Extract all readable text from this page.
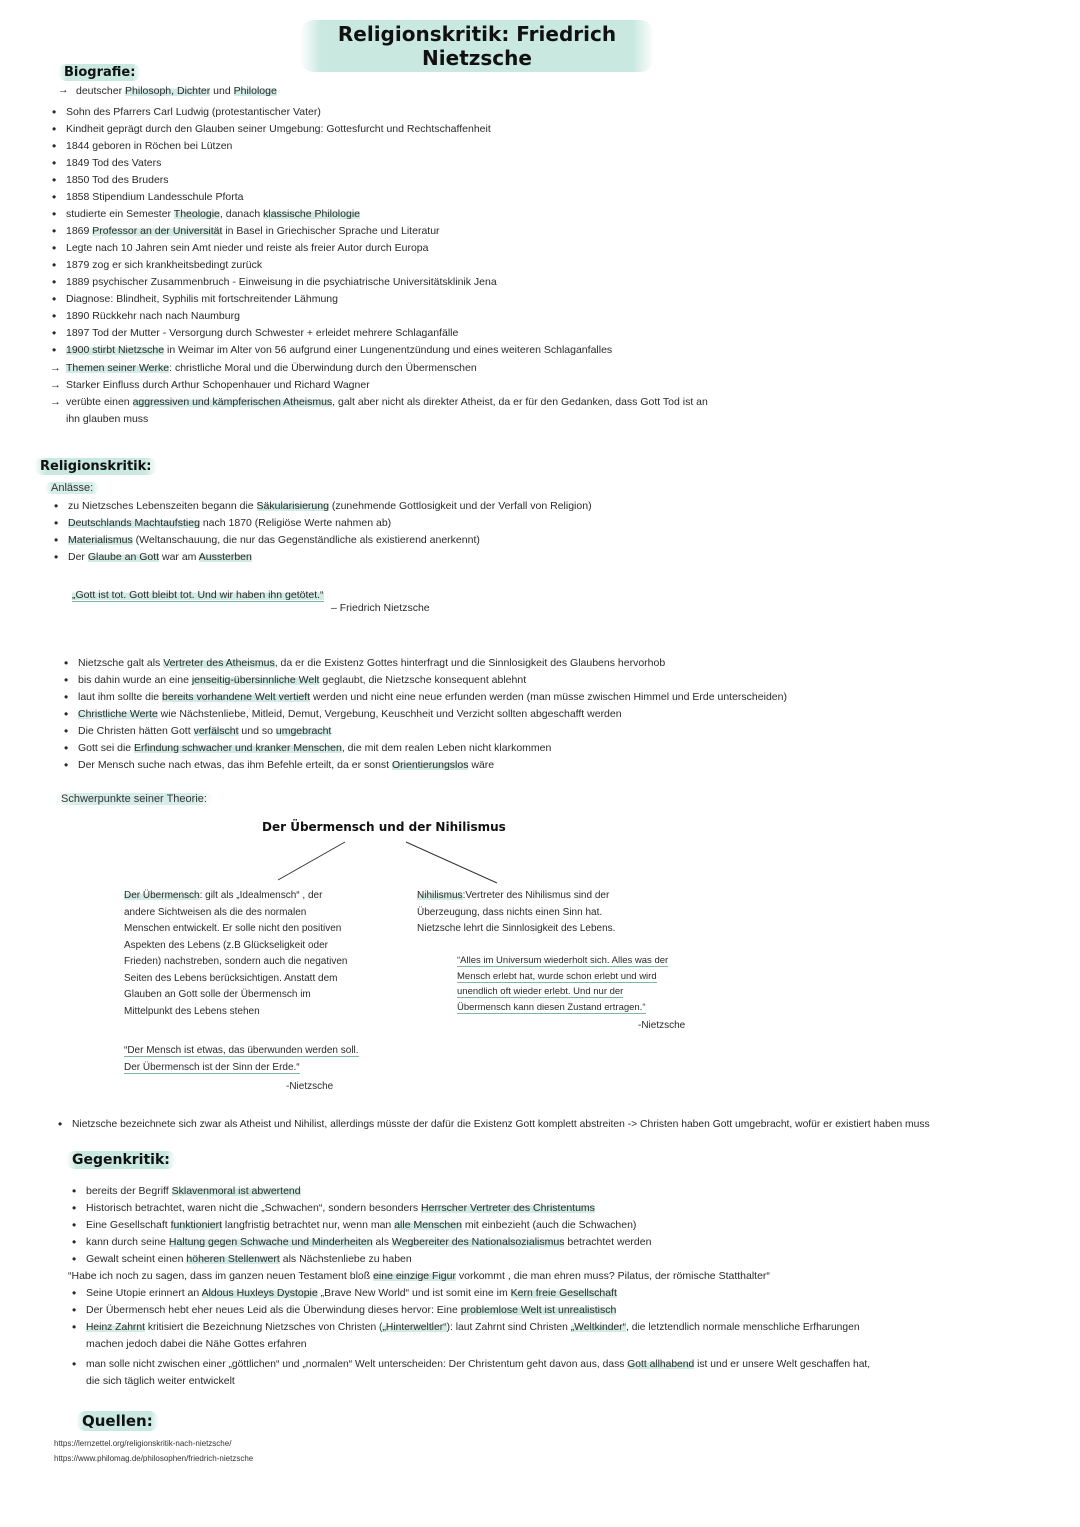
Religionskritik: Friedrich Nietzsche
Biografie:
→ deutscher Philosoph, Dichter und Philologe
• Sohn des Pfarrers Carl Ludwig (protestantischer Vater)
• Kindheit geprägt durch den Glauben seiner Umgebung: Gottesfurcht und Rechtschaffenheit
• 1844 geboren in Röchen bei Lützen
• 1849 Tod des Vaters
• 1850 Tod des Bruders
• 1858 Stipendium Landesschule Pforta
• studierte ein Semester Theologie, danach klassische Philologie
• 1869 Professor an der Universität in Basel in Griechischer Sprache und Literatur
• Legte nach 10 Jahren sein Amt nieder und reiste als freier Autor durch Europa
• 1879 zog er sich krankheitsbedingt zurück
• 1889 psychischer Zusammenbruch - Einweisung in die psychiatrische Universitätsklinik Jena
• Diagnose: Blindheit, Syphilis mit fortschreitender Lähmung
• 1890 Rückkehr nach nach Naumburg
• 1897 Tod der Mutter - Versorgung durch Schwester + erleidet mehrere Schlaganfälle
• 1900 stirbt Nietzsche in Weimar im Alter von 56 aufgrund einer Lungenentzündung und eines weiteren Schlaganfalles
→ Themen seiner Werke: christliche Moral und die Überwindung durch den Übermenschen
→ Starker Einfluss durch Arthur Schopenhauer und Richard Wagner
→ verübte einen aggressiven und kämpferischen Atheismus, galt aber nicht als direkter Atheist, da er für den Gedanken, dass Gott Tod ist an
ihn glauben muss
Religionskritik:
Anlässe:
• zu Nietzsches Lebenszeiten begann die Säkularisierung (zunehmende Gottlosigkeit und der Verfall von Religion)
• Deutschlands Machtaufstieg nach 1870 (Religiöse Werte nahmen ab)
• Materialismus (Weltanschauung, die nur das Gegenständliche als existierend anerkennt)
• Der Glaube an Gott war am Aussterben
„Gott ist tot. Gott bleibt tot. Und wir haben ihn getötet.“
– Friedrich Nietzsche
• Nietzsche galt als Vertreter des Atheismus, da er die Existenz Gottes hinterfragt und die Sinnlosigkeit des Glaubens hervorhob
• bis dahin wurde an eine jenseitig-übersinnliche Welt geglaubt, die Nietzsche konsequent ablehnt
• laut ihm sollte die bereits vorhandene Welt vertieft werden und nicht eine neue erfunden werden (man müsse zwischen Himmel und Erde unterscheiden)
• Christliche Werte wie Nächstenliebe, Mitleid, Demut, Vergebung, Keuschheit und Verzicht sollten abgeschafft werden
• Die Christen hätten Gott verfälscht und so umgebracht
• Gott sei die Erfindung schwacher und kranker Menschen, die mit dem realen Leben nicht klarkommen
• Der Mensch suche nach etwas, das ihm Befehle erteilt, da er sonst Orientierungslos wäre
Schwerpunkte seiner Theorie:
Der Übermensch und der Nihilismus
Der Übermensch: gilt als „Idealmensch“ , der
andere Sichtweisen als die des normalen
Menschen entwickelt. Er solle nicht den positiven
Aspekten des Lebens (z.B Glückseligkeit oder
Frieden) nachstreben, sondern auch die negativen
Seiten des Lebens berücksichtigen. Anstatt dem
Glauben an Gott solle der Übermensch im
Mittelpunkt des Lebens stehen
“Der Mensch ist etwas, das überwunden werden soll.
Der Übermensch ist der Sinn der Erde.“
-Nietzsche
Nihilismus:Vertreter des Nihilismus sind der
Überzeugung, dass nichts einen Sinn hat.
Nietzsche lehrt die Sinnlosigkeit des Lebens.
“Alles im Universum wiederholt sich. Alles was der
Mensch erlebt hat, wurde schon erlebt und wird
unendlich oft wieder erlebt. Und nur der
Übermensch kann diesen Zustand ertragen.“
-Nietzsche
• Nietzsche bezeichnete sich zwar als Atheist und Nihilist, allerdings müsste der dafür die Existenz Gott komplett abstreiten -> Christen haben Gott umgebracht, wofür er existiert haben muss
Gegenkritik:
• bereits der Begriff Sklavenmoral ist abwertend
• Historisch betrachtet, waren nicht die „Schwachen“, sondern besonders Herrscher Vertreter des Christentums
• Eine Gesellschaft funktioniert langfristig betrachtet nur, wenn man alle Menschen mit einbezieht (auch die Schwachen)
• kann durch seine Haltung gegen Schwache und Minderheiten als Wegbereiter des Nationalsozialismus betrachtet werden
• Gewalt scheint einen höheren Stellenwert als Nächstenliebe zu haben
“Habe ich noch zu sagen, dass im ganzen neuen Testament bloß eine einzige Figur vorkommt , die man ehren muss? Pilatus, der römische Statthalter“
• Seine Utopie erinnert an Aldous Huxleys Dystopie „Brave New World“ und ist somit eine im Kern freie Gesellschaft
• Der Übermensch hebt eher neues Leid als die Überwindung dieses hervor: Eine problemlose Welt ist unrealistisch
• Heinz Zahrnt kritisiert die Bezeichnung Nietzsches von Christen („Hinterweltler“): laut Zahrnt sind Christen „Weltkinder“, die letztendlich normale menschliche Erfharungen
machen jedoch dabei die Nähe Gottes erfahren
• man solle nicht zwischen einer „göttlichen“ und „normalen“ Welt unterscheiden: Der Christentum geht davon aus, dass Gott allhabend ist und er unsere Welt geschaffen hat,
die sich täglich weiter entwickelt
Quellen:
https://lernzettel.org/religionskritik-nach-nietzsche/
https://www.philomag.de/philosophen/friedrich-nietzsche
